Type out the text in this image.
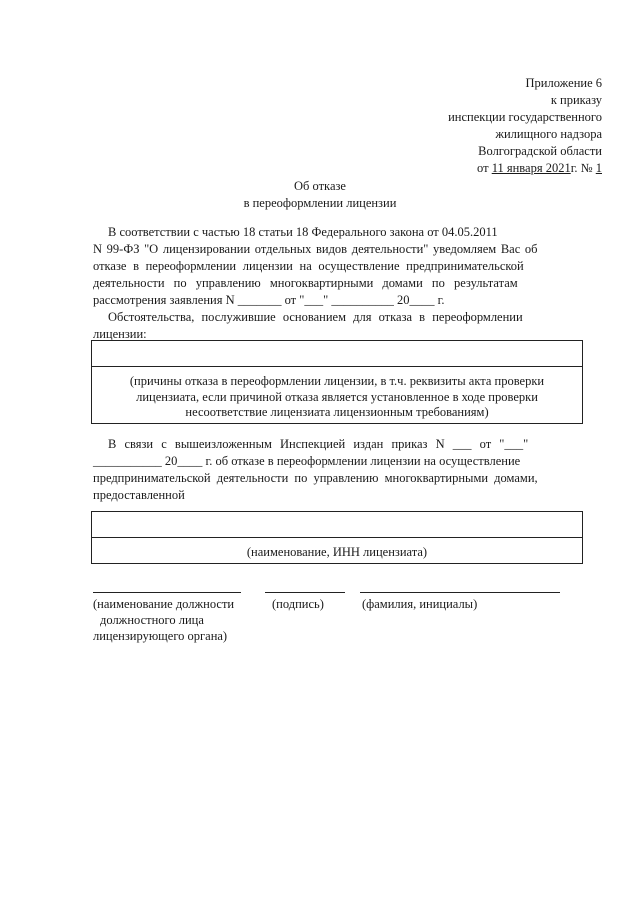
Приложение 6
к приказу
инспекции государственного
жилищного надзора
Волгоградской области
от 11 января 2021г. № 1
Об отказе
в переоформлении лицензии
В соответствии с частью 18 статьи 18 Федерального закона от 04.05.2011
N 99-ФЗ "О лицензировании отдельных видов деятельности" уведомляем Вас об
отказе в переоформлении лицензии на осуществление предпринимательской
деятельности по управлению многоквартирными домами по результатам
рассмотрения заявления N _______ от "___" __________ 20____ г.
Обстоятельства, послужившие основанием для отказа в переоформлении
лицензии:
(причины отказа в переоформлении лицензии, в т.ч. реквизиты акта проверки
лицензиата, если причиной отказа является установленное в ходе проверки
несоответствие лицензиата лицензионным требованиям)
В связи с вышеизложенным Инспекцией издан приказ N ___ от "___"
___________ 20____ г. об отказе в переоформлении лицензии на осуществление
предпринимательской деятельности по управлению многоквартирными домами,
предоставленной
(наименование, ИНН лицензиата)
(наименование должности
должностного лица
лицензирующего органа)
(подпись)	(фамилия, инициалы)
